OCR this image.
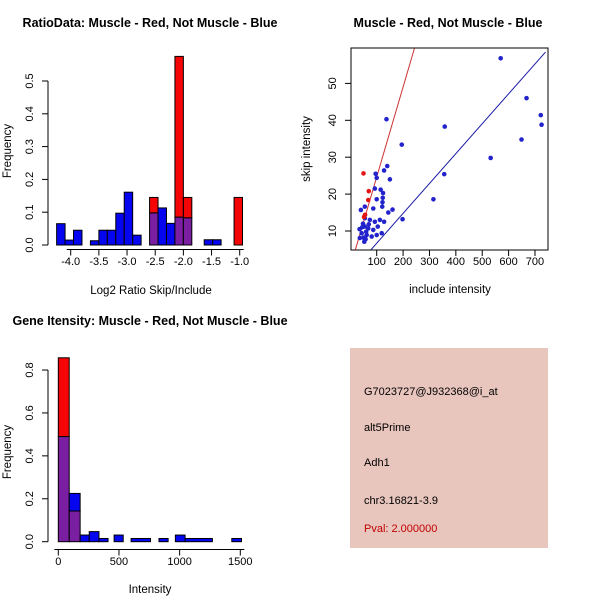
RatioData: Muscle - Red, Not Muscle - Blue
Log2 Ratio Skip/Include
Frequency
-4.0 -3.5 -3.0 -2.5 -2.0 -1.5 -1.0
0.0
0.1
0.2
0.3
0.4
0.5
Muscle - Red, Not Muscle - Blue
include intensity
skip intensity
100 200 300 400 500 600 700
10
20
30
40
50
Gene Itensity: Muscle - Red, Not Muscle - Blue
Intensity
Frequency
0	500	1000	1500
0.0
0.2
0.4
0.6
0.8
G7023727@J932368@i_at
alt5Prime
Adh1
chr3.16821-3.9
Pval: 2.000000
